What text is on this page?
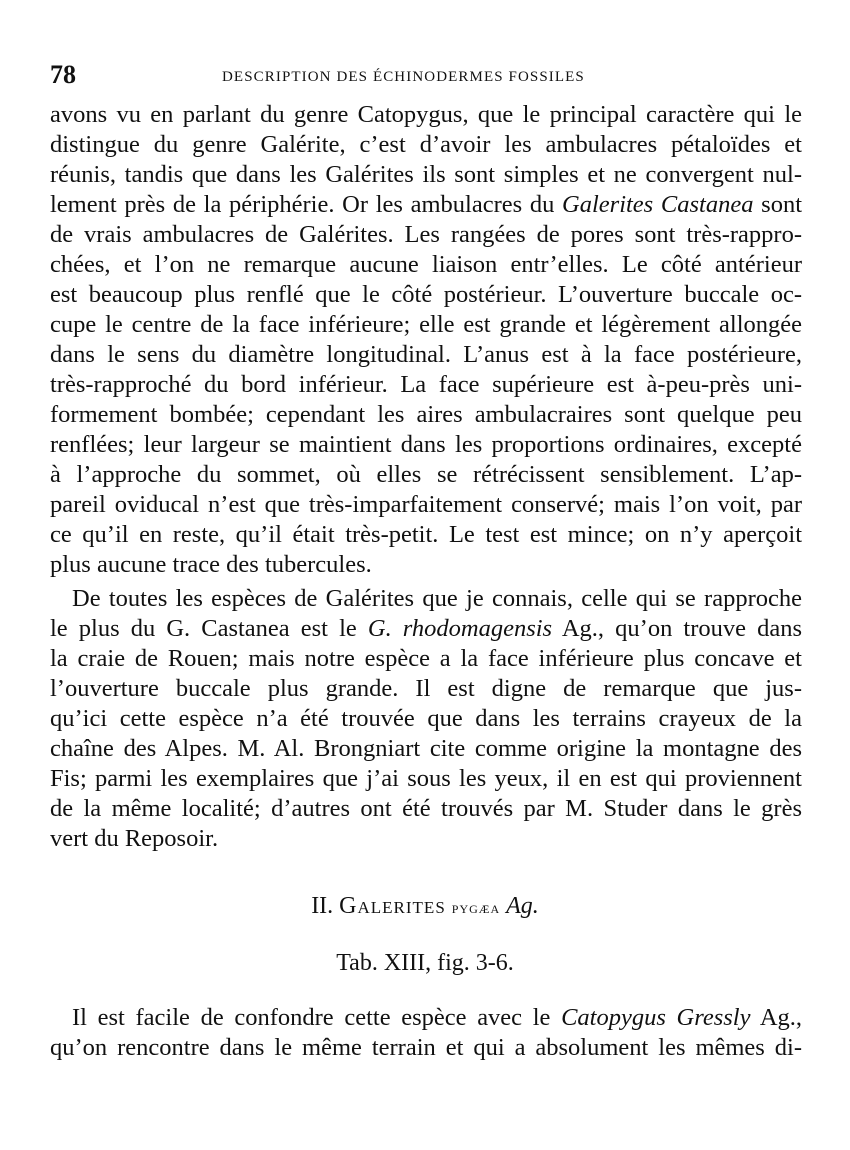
78	DESCRIPTION DES ÉCHINODERMES FOSSILES
avons vu en parlant du genre Catopygus, que le principal caractère qui le
distingue du genre Galérite, c’est d’avoir les ambulacres pétaloïdes et
réunis, tandis que dans les Galérites ils sont simples et ne convergent nul-
lement près de la périphérie. Or les ambulacres du Galerites Castanea sont
de vrais ambulacres de Galérites. Les rangées de pores sont très-rappro-
chées, et l’on ne remarque aucune liaison entr’elles. Le côté antérieur
est beaucoup plus renflé que le côté postérieur. L’ouverture buccale oc-
cupe le centre de la face inférieure; elle est grande et légèrement allongée
dans le sens du diamètre longitudinal. L’anus est à la face postérieure,
très-rapproché du bord inférieur. La face supérieure est à-peu-près uni-
formement bombée; cependant les aires ambulacraires sont quelque peu
renflées; leur largeur se maintient dans les proportions ordinaires, excepté
à l’approche du sommet, où elles se rétrécissent sensiblement. L’ap-
pareil oviducal n’est que très-imparfaitement conservé; mais l’on voit, par
ce qu’il en reste, qu’il était très-petit. Le test est mince; on n’y aperçoit
plus aucune trace des tubercules.
De toutes les espèces de Galérites que je connais, celle qui se rapproche
le plus du G. Castanea est le G. rhodomagensis Ag., qu’on trouve dans
la craie de Rouen; mais notre espèce a la face inférieure plus concave et
l’ouverture buccale plus grande. Il est digne de remarque que jus-
qu’ici cette espèce n’a été trouvée que dans les terrains crayeux de la
chaîne des Alpes. M. Al. Brongniart cite comme origine la montagne des
Fis; parmi les exemplaires que j’ai sous les yeux, il en est qui proviennent
de la même localité; d’autres ont été trouvés par M. Studer dans le grès
vert du Reposoir.
II. Galerites pygæa Ag.
Tab. XIII, fig. 3-6.
Il est facile de confondre cette espèce avec le Catopygus Gressly Ag.,
qu’on rencontre dans le même terrain et qui a absolument les mêmes di-
